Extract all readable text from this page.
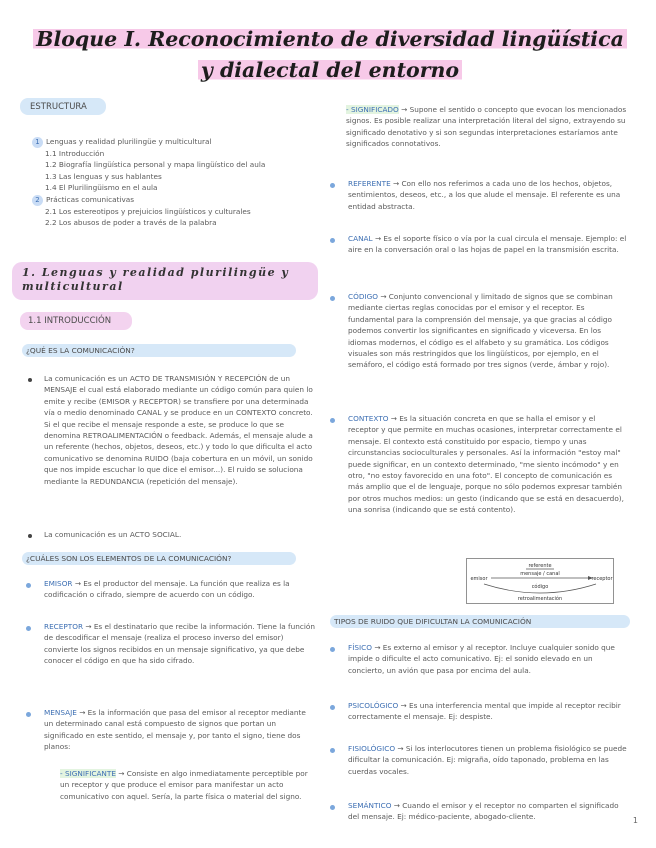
Bloque I. Reconocimiento de diversidad lingüística y dialectal del entorno
ESTRUCTURA
1 Lenguas y realidad plurilingüe y multicultural
1.1 Introducción
1.2 Biografía lingüística personal y mapa lingüístico del aula
1.3 Las lenguas y sus hablantes
1.4 El Plurilingüismo en el aula
2 Prácticas comunicativas
2.1 Los estereotipos y prejuicios lingüísticos y culturales
2.2 Los abusos de poder a través de la palabra
1. Lenguas y realidad plurilingüe y multicultural
1.1 INTRODUCCIÓN
¿QUÉ ES LA COMUNICACIÓN?
La comunicación es un ACTO DE TRANSMISIÓN Y RECEPCIÓN de un MENSAJE el cual está elaborado mediante un código común para quien lo emite y recibe (EMISOR y RECEPTOR) se transfiere por una determinada vía o medio denominado CANAL y se produce en un CONTEXTO concreto. Si el que recibe el mensaje responde a este, se produce lo que se denomina RETROALIMENTACIÓN o feedback. Además, el mensaje alude a un referente (hechos, objetos, deseos, etc.) y todo lo que dificulta el acto comunicativo se denomina RUIDO (baja cobertura en un móvil, un sonido que nos impide escuchar lo que dice el emisor...). El ruido se soluciona mediante la REDUNDANCIA (repetición del mensaje).
La comunicación es un ACTO SOCIAL.
¿CUÁLES SON LOS ELEMENTOS DE LA COMUNICACIÓN?
EMISOR → Es el productor del mensaje. La función que realiza es la codificación o cifrado, siempre de acuerdo con un código.
RECEPTOR → Es el destinatario que recibe la información. Tiene la función de descodificar el mensaje (realiza el proceso inverso del emisor) convierte los signos recibidos en un mensaje significativo, ya que debe conocer el código en que ha sido cifrado.
MENSAJE → Es la información que pasa del emisor al receptor mediante un determinado canal está compuesto de signos que portan un significado en este sentido, el mensaje y, por tanto el signo, tiene dos planos:
- SIGNIFICANTE → Consiste en algo inmediatamente perceptible por un receptor y que produce el emisor para manifestar un acto comunicativo con aquel. Sería, la parte física o material del signo.
- SIGNIFICADO → Supone el sentido o concepto que evocan los mencionados signos. Es posible realizar una interpretación literal del signo, extrayendo su significado denotativo y si son segundas interpretaciones estaríamos ante significados connotativos.
REFERENTE → Con ello nos referimos a cada uno de los hechos, objetos, sentimientos, deseos, etc., a los que alude el mensaje. El referente es una entidad abstracta.
CANAL → Es el soporte físico o vía por la cual circula el mensaje. Ejemplo: el aire en la conversación oral o las hojas de papel en la transmisión escrita.
CÓDIGO → Conjunto convencional y limitado de signos que se combinan mediante ciertas reglas conocidas por el emisor y el receptor. Es fundamental para la comprensión del mensaje, ya que gracias al código podemos convertir los significantes en significado y viceversa. En los idiomas modernos, el código es el alfabeto y su gramática. Los códigos visuales son más restringidos que los lingüísticos, por ejemplo, en el semáforo, el código está formado por tres signos (verde, ámbar y rojo).
CONTEXTO → Es la situación concreta en que se halla el emisor y el receptor y que permite en muchas ocasiones, interpretar correctamente el mensaje. El contexto está constituido por espacio, tiempo y unas circunstancias socioculturales y personales. Así la información "estoy mal" puede significar, en un contexto determinado, "me siento incómodo" y en otro, "no estoy favorecido en una foto". El concepto de comunicación es más amplio que el de lenguaje, porque no sólo podemos expresar también por otros muchos medios: un gesto (indicando que se está en desacuerdo), una sonrisa (indicando que se está contento).
referente
emisor
mensaje / canal
receptor
código
retroalimentación
TIPOS DE RUIDO QUE DIFICULTAN LA COMUNICACIÓN
FÍSICO → Es externo al emisor y al receptor. Incluye cualquier sonido que impide o dificulte el acto comunicativo. Ej: el sonido elevado en un concierto, un avión que pasa por encima del aula.
PSICOLÓGICO → Es una interferencia mental que impide al receptor recibir correctamente el mensaje. Ej: despiste.
FISIOLÓGICO → Si los interlocutores tienen un problema fisiológico se puede dificultar la comunicación. Ej: migraña, oído taponado, problema en las cuerdas vocales.
SEMÁNTICO → Cuando el emisor y el receptor no comparten el significado del mensaje. Ej: médico-paciente, abogado-cliente.	1
